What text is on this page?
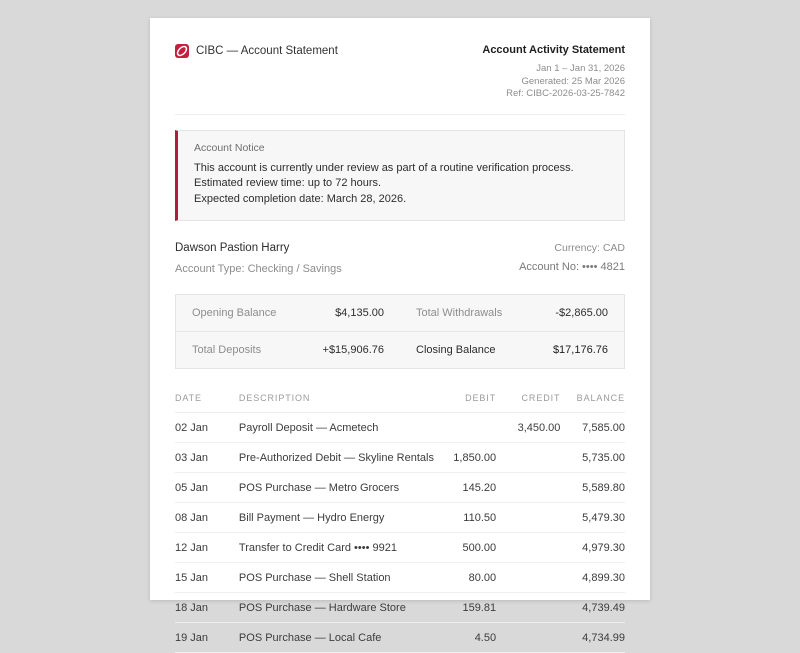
CIBC — Account Statement	Account Activity Statement
Jan 1 – Jan 31, 2026
Generated: 25 Mar 2026
Ref: CIBC-2026-03-25-7842
Account Notice
This account is currently under review as part of a routine verification process.
Estimated review time: up to 72 hours.
Expected completion date: March 28, 2026.
Dawson Pastion Harry
Account Type: Checking / Savings
Currency: CAD
Account No: •••• 4821
Opening Balance	$4,135.00	Total Withdrawals	-$2,865.00
Total Deposits	+$15,906.76	Closing Balance	$17,176.76
DATE	DESCRIPTION	DEBIT	CREDIT	BALANCE
02 Jan	Payroll Deposit — Acmetech		3,450.00	7,585.00
03 Jan	Pre-Authorized Debit — Skyline Rentals	1,850.00		5,735.00
05 Jan	POS Purchase — Metro Grocers	145.20		5,589.80
08 Jan	Bill Payment — Hydro Energy	110.50		5,479.30
12 Jan	Transfer to Credit Card •••• 9921	500.00		4,979.30
15 Jan	POS Purchase — Shell Station	80.00		4,899.30
18 Jan	POS Purchase — Hardware Store	159.81		4,739.49
19 Jan	POS Purchase — Local Cafe	4.50		4,734.99
